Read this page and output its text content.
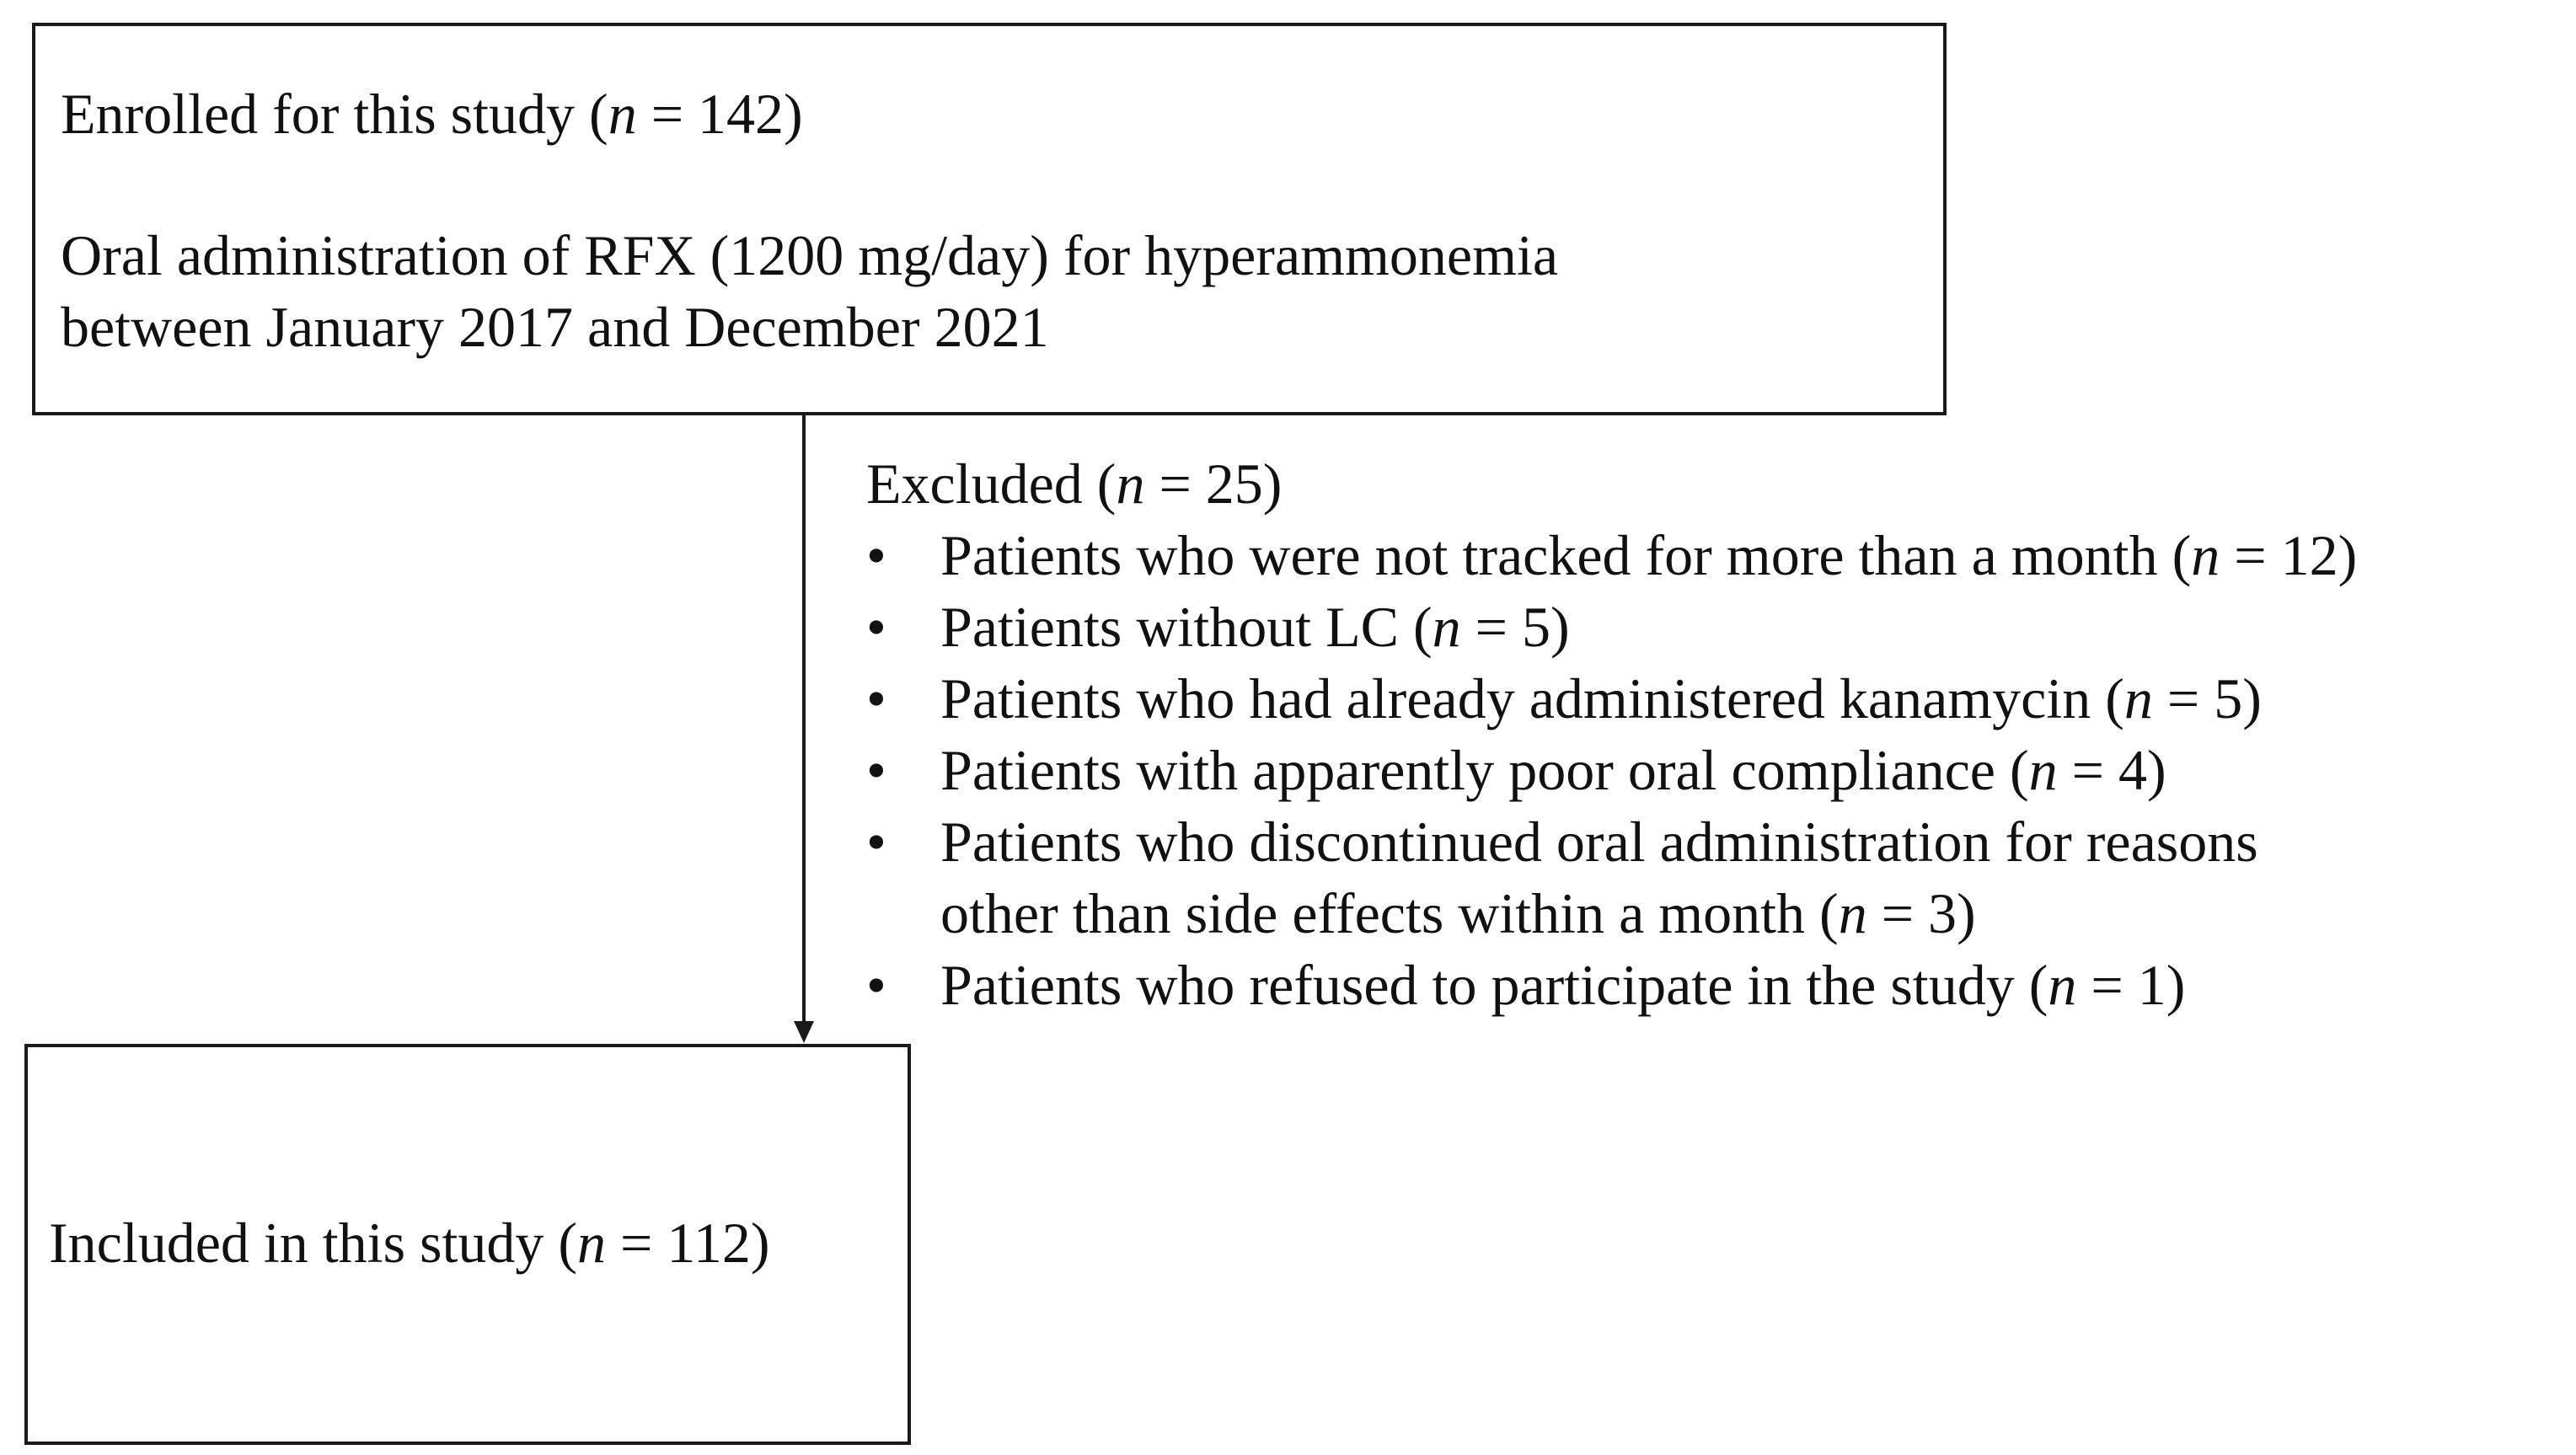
Enrolled for this study (n = 142)
Oral administration of RFX (1200 mg/day) for hyperammonemia
between January 2017 and December 2021
Excluded (n = 25)
• Patients who were not tracked for more than a month (n = 12)
• Patients without LC (n = 5)
• Patients who had already administered kanamycin (n = 5)
• Patients with apparently poor oral compliance (n = 4)
• Patients who discontinued oral administration for reasons
other than side effects within a month (n = 3)
• Patients who refused to participate in the study (n = 1)
Included in this study (n = 112)
